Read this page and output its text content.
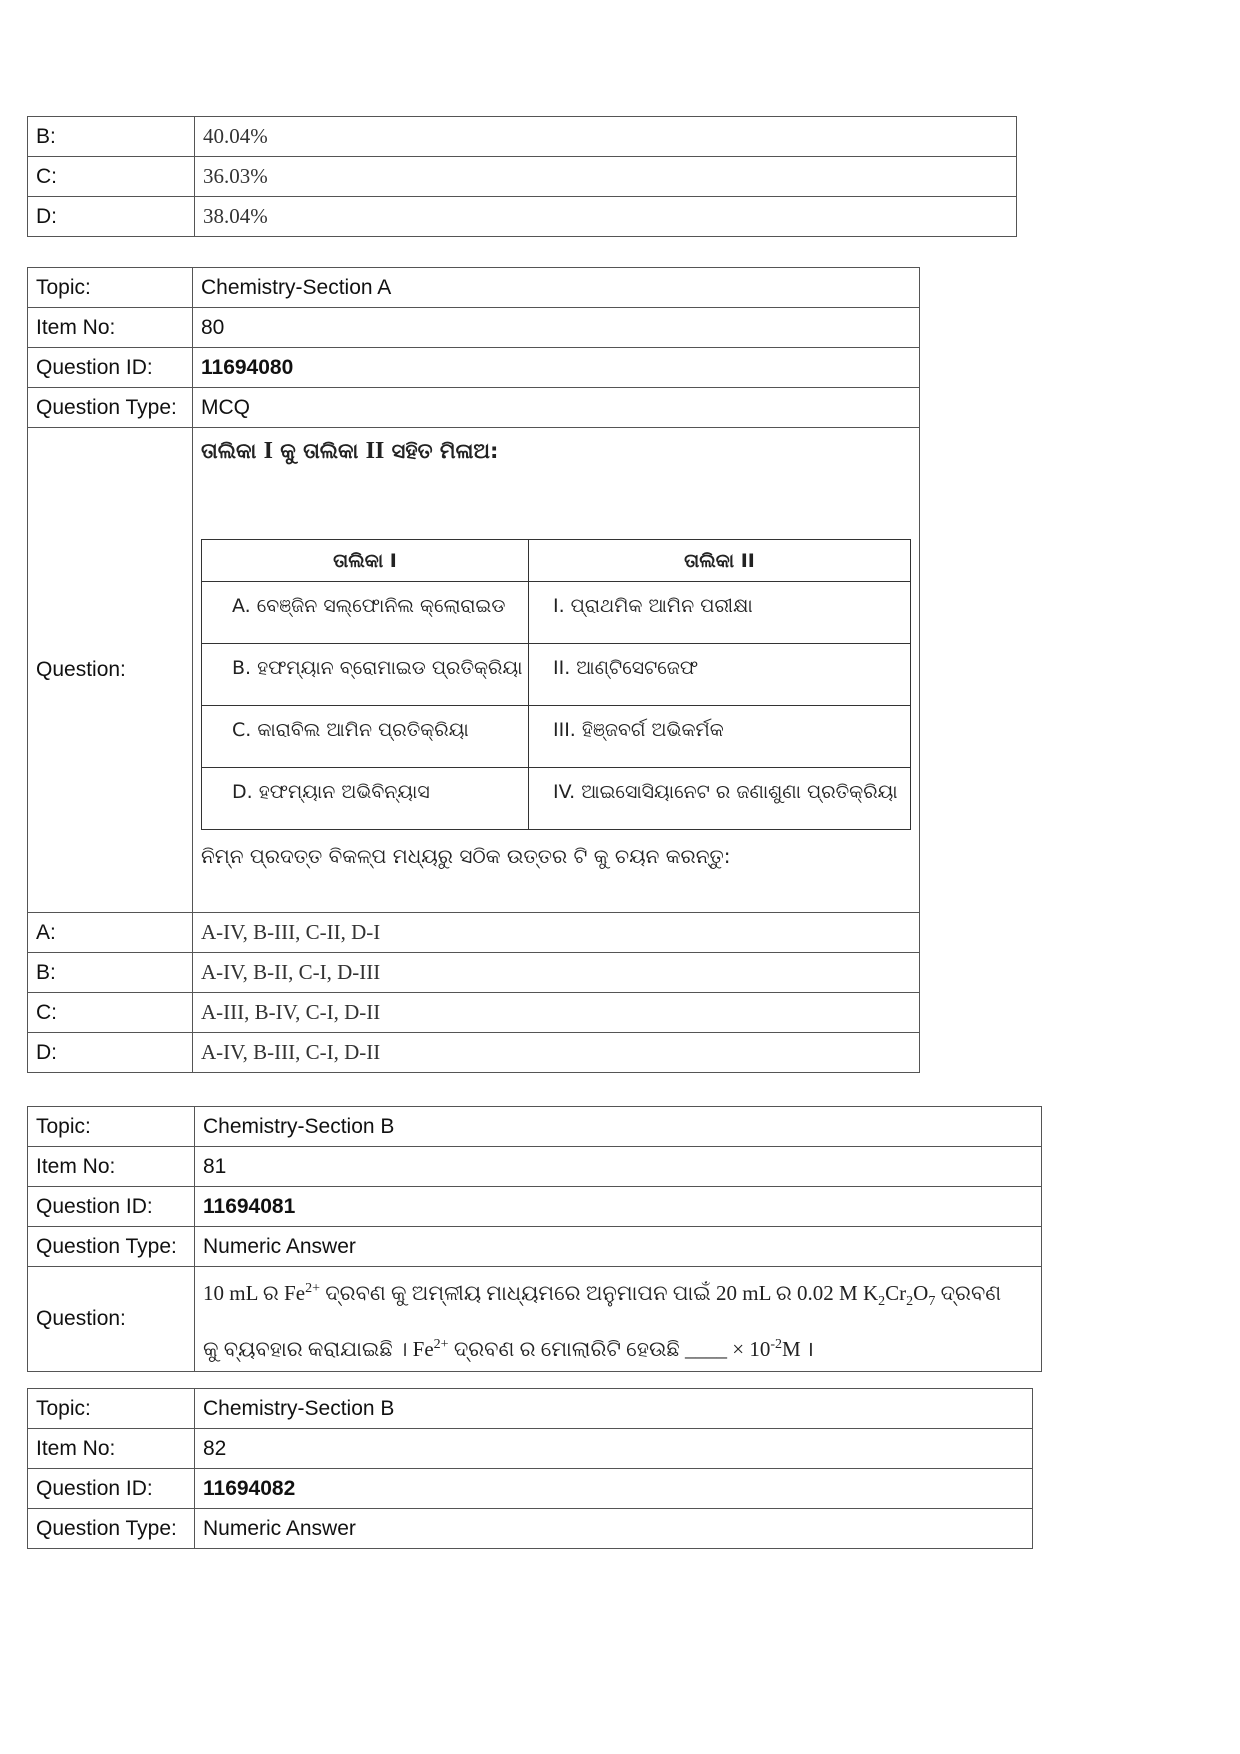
B:	40.04%
C:	36.03%
D:	38.04%
Topic:	Chemistry-Section A
Item No:	80
Question ID:	11694080
Question Type:	MCQ
Question:	
ତାଲିକା I କୁ ତାଲିକା II ସହିତ ମିଳାଅ:
ତାଲିକା I	ତାଲିକା II
A. ବେଞ୍ଜିନ ସଲ୍ଫୋନିଲ କ୍ଲୋରାଇଡ	I. ପ୍ରାଥମିକ ଆମିନ ପରୀକ୍ଷା
B. ହଫମ୍ୟାନ ବ୍ରୋମାଇଡ ପ୍ରତିକ୍ରିୟା	II. ଆଣ୍ଟିସେଟଜେଫ
C. କାରାବିଲ ଆମିନ ପ୍ରତିକ୍ରିୟା	III. ହିଞ୍ଜବର୍ଗ ଅଭିକର୍ମକ
D. ହଫମ୍ୟାନ ଅଭିବିନ୍ୟାସ	IV. ଆଇସୋସିୟାନେଟ ର ଜଣାଶୁଣା ପ୍ରତିକ୍ରିୟା
ନିମ୍ନ ପ୍ରଦତ୍ତ ବିକଳ୍ପ ମଧ୍ୟରୁ ସଠିକ ଉତ୍ତର ଟି କୁ ଚୟନ କରନ୍ତୁ:

A:	A-IV, B-III, C-II, D-I
B:	A-IV, B-II, C-I, D-III
C:	A-III, B-IV, C-I, D-II
D:	A-IV, B-III, C-I, D-II
Topic:	Chemistry-Section B
Item No:	81
Question ID:	11694081
Question Type:	Numeric Answer
Question:	10 mL ର $Fe^{2+}$ ଦ୍ରବଣ କୁ ଅମ୍ଳୀୟ ମାଧ୍ୟମରେ ଅନୁମାପନ ପାଇଁ 20 mL ର 0.02 M $K_2Cr_2O_7$ ଦ୍ରବଣ
କୁ ବ୍ୟବହାର କରାଯାଇଛି । $Fe^{2+}$ ଦ୍ରବଣ ର ମୋଲାରିଟି ହେଉଛି ____ × $10^{-2}M$ ।
Topic:	Chemistry-Section B
Item No:	82
Question ID:	11694082
Question Type:	Numeric Answer
